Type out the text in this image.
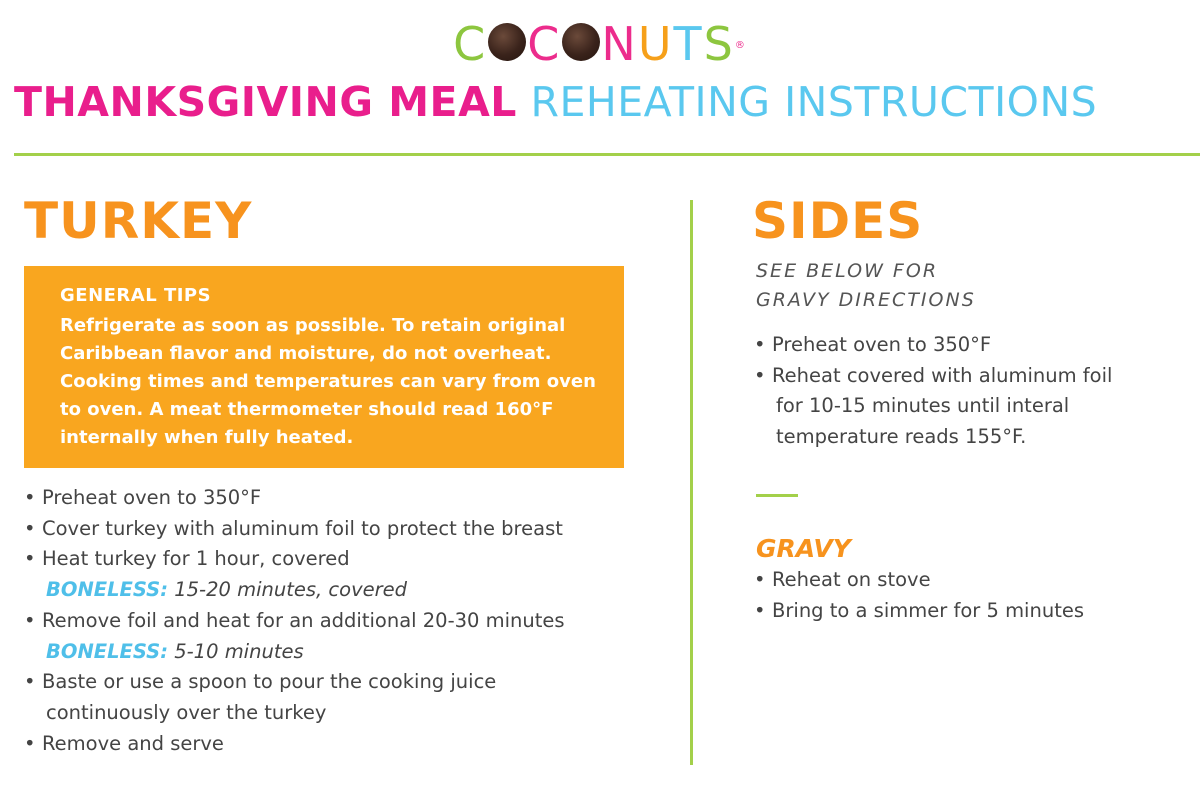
C C NUTS®
THANKSGIVING MEAL REHEATING INSTRUCTIONS
TURKEY
GENERAL TIPS
Refrigerate as soon as possible. To retain original Caribbean flavor and moisture, do not overheat. Cooking times and temperatures can vary from oven to oven. A meat thermometer should read 160°F internally when fully heated.
• Preheat oven to 350°F
• Cover turkey with aluminum foil to protect the breast
• Heat turkey for 1 hour, covered
BONELESS: 15-20 minutes, covered
• Remove foil and heat for an additional 20-30 minutes
BONELESS: 5-10 minutes
• Baste or use a spoon to pour the cooking juice
continuously over the turkey
• Remove and serve
SIDES
SEE BELOW FOR
GRAVY DIRECTIONS
• Preheat oven to 350°F
• Reheat covered with aluminum foil
for 10-15 minutes until interal
temperature reads 155°F.
GRAVY
• Reheat on stove
• Bring to a simmer for 5 minutes
